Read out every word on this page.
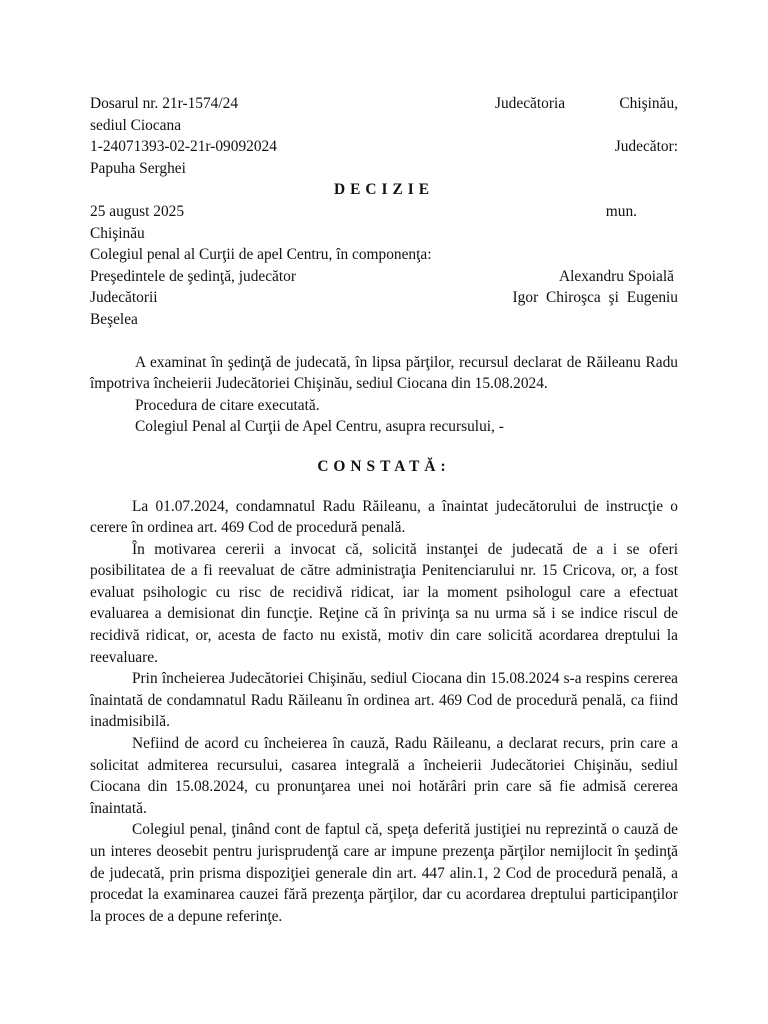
Dosarul nr. 21r-1574/24	Judecătoria	Chişinău,
sediul Ciocana
1-24071393-02-21r-09092024	Judecător:
Papuha Serghei
DECIZIE
25 august 2025	mun.
Chişinău
Colegiul penal al Curţii de apel Centru, în componenţa:
Preşedintele de şedinţă, judecător	Alexandru Spoială
Judecătorii	Igor Chiroşca şi Eugeniu
Beşelea
A examinat în şedinţă de judecată, în lipsa părţilor, recursul declarat de Răileanu Radu împotriva încheierii Judecătoriei Chişinău, sediul Ciocana din 15.08.2024.
Procedura de citare executată.
Colegiul Penal al Curţii de Apel Centru, asupra recursului, -
CONSTATĂ:
La 01.07.2024, condamnatul Radu Răileanu, a înaintat judecătorului de instrucţie o cerere în ordinea art. 469 Cod de procedură penală.
În motivarea cererii a invocat că, solicită instanţei de judecată de a i se oferi posibilitatea de a fi reevaluat de către administraţia Penitenciarului nr. 15 Cricova, or, a fost evaluat psihologic cu risc de recidivă ridicat, iar la moment psihologul care a efectuat evaluarea a demisionat din funcţie. Reţine că în privinţa sa nu urma să i se indice riscul de recidivă ridicat, or, acesta de facto nu există, motiv din care solicită acordarea dreptului la reevaluare.
Prin încheierea Judecătoriei Chişinău, sediul Ciocana din 15.08.2024 s-a respins cererea înaintată de condamnatul Radu Răileanu în ordinea art. 469 Cod de procedură penală, ca fiind inadmisibilă.
Nefiind de acord cu încheierea în cauză, Radu Răileanu, a declarat recurs, prin care a solicitat admiterea recursului, casarea integrală a încheierii Judecătoriei Chişinău, sediul Ciocana din 15.08.2024, cu pronunţarea unei noi hotărâri prin care să fie admisă cererea înaintată.
Colegiul penal, ţinând cont de faptul că, speţa deferită justiţiei nu reprezintă o cauză de un interes deosebit pentru jurisprudenţă care ar impune prezenţa părţilor nemijlocit în şedinţă de judecată, prin prisma dispoziţiei generale din art. 447 alin.1, 2 Cod de procedură penală, a procedat la examinarea cauzei fără prezenţa părţilor, dar cu acordarea dreptului participanţilor la proces de a depune referinţe.
